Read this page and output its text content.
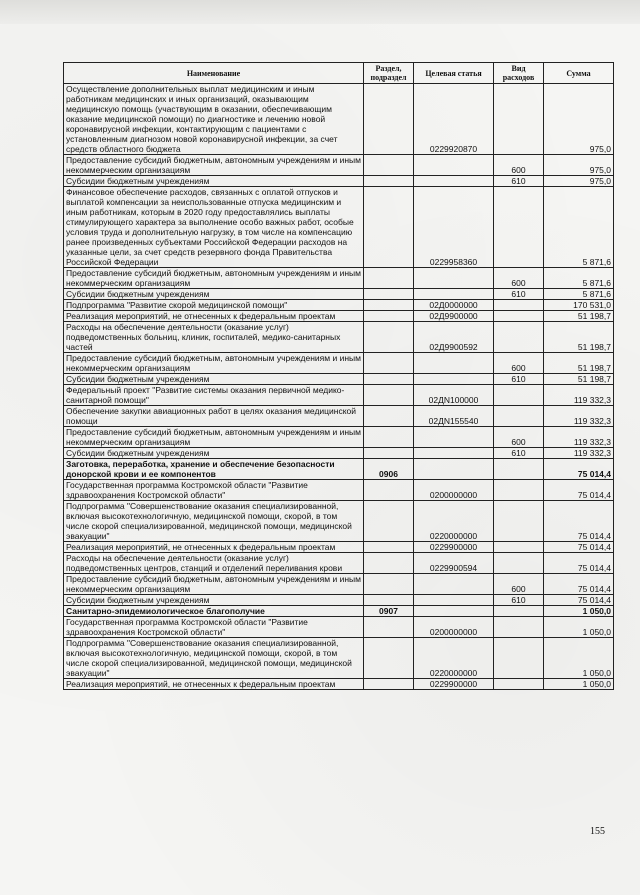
Наименование	Раздел, подраздел	Целевая статья	Вид расходов	Сумма
Осуществление дополнительных выплат медицинским и иным работникам медицинских и иных организаций, оказывающим медицинскую помощь (участвующим в оказании, обеспечивающим оказание медицинской помощи) по диагностике и лечению новой коронавирусной инфекции, контактирующим с пациентами с установленным диагнозом новой коронавирусной инфекции, за счет средств областного бюджета		0229920870		975,0
Предоставление субсидий бюджетным, автономным учреждениям и иным некоммерческим организациям			600	975,0
Субсидии бюджетным учреждениям			610	975,0
Финансовое обеспечение расходов, связанных с оплатой отпусков и выплатой компенсации за неиспользованные отпуска медицинским и иным работникам, которым в 2020 году предоставлялись выплаты стимулирующего характера за выполнение особо важных работ, особые условия труда и дополнительную нагрузку, в том числе на компенсацию ранее произведенных субъектами Российской Федерации расходов на указанные цели, за счет средств резервного фонда Правительства Российской Федерации		0229958360		5 871,6
Предоставление субсидий бюджетным, автономным учреждениям и иным некоммерческим организациям			600	5 871,6
Субсидии бюджетным учреждениям			610	5 871,6
Подпрограмма "Развитие скорой медицинской помощи"		02Д0000000		170 531,0
Реализация мероприятий, не отнесенных к федеральным проектам		02Д9900000		51 198,7
Расходы на обеспечение деятельности (оказание услуг) подведомственных больниц, клиник, госпиталей, медико-санитарных частей		02Д9900592		51 198,7
Предоставление субсидий бюджетным, автономным учреждениям и иным некоммерческим организациям			600	51 198,7
Субсидии бюджетным учреждениям			610	51 198,7
Федеральный проект "Развитие системы оказания первичной медико-санитарной помощи"		02ДN100000		119 332,3
Обеспечение закупки авиационных работ в целях оказания медицинской помощи		02ДN155540		119 332,3
Предоставление субсидий бюджетным, автономным учреждениям и иным некоммерческим организациям			600	119 332,3
Субсидии бюджетным учреждениям			610	119 332,3
Заготовка, переработка, хранение и обеспечение безопасности донорской крови и ее компонентов	0906			75 014,4
Государственная программа Костромской области "Развитие здравоохранения Костромской области"		0200000000		75 014,4
Подпрограмма "Совершенствование оказания специализированной, включая высокотехнологичную, медицинской помощи, скорой, в том числе скорой специализированной, медицинской помощи, медицинской эвакуации"		0220000000		75 014,4
Реализация мероприятий, не отнесенных к федеральным проектам		0229900000		75 014,4
Расходы на обеспечение деятельности (оказание услуг) подведомственных центров, станций и отделений переливания крови		0229900594		75 014,4
Предоставление субсидий бюджетным, автономным учреждениям и иным некоммерческим организациям			600	75 014,4
Субсидии бюджетным учреждениям			610	75 014,4
Санитарно-эпидемиологическое благополучие	0907			1 050,0
Государственная программа Костромской области "Развитие здравоохранения Костромской области"		0200000000		1 050,0
Подпрограмма "Совершенствование оказания специализированной, включая высокотехнологичную, медицинской помощи, скорой, в том числе скорой специализированной, медицинской помощи, медицинской эвакуации"		0220000000		1 050,0
Реализация мероприятий, не отнесенных к федеральным проектам		0229900000		1 050,0
155
